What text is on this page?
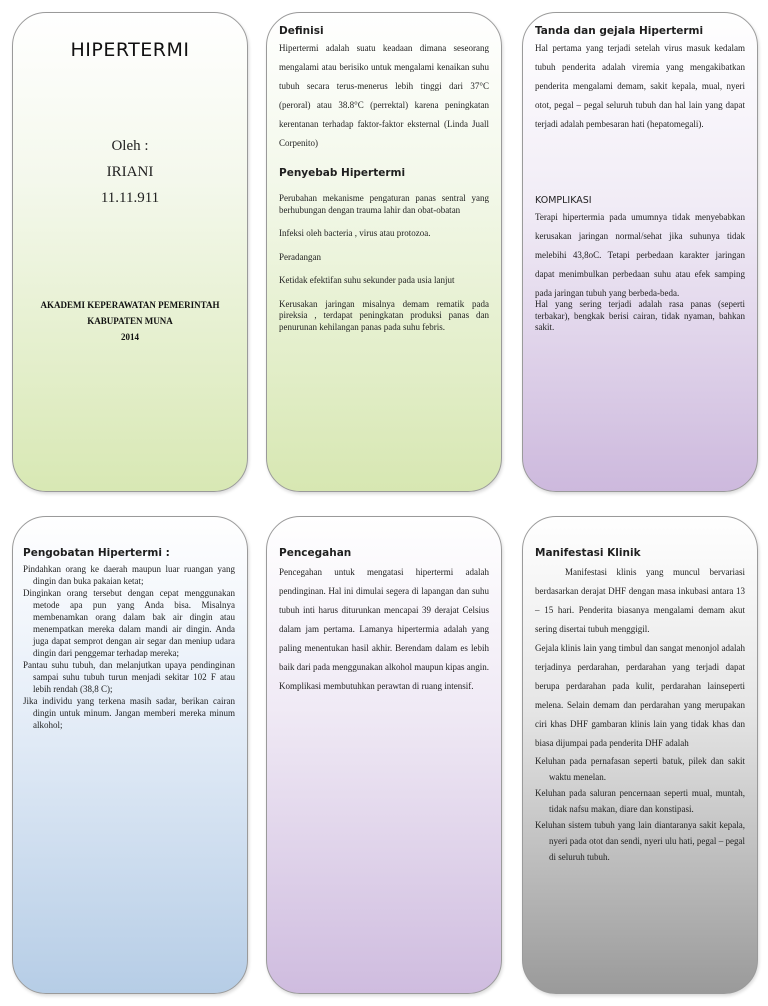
HIPERTERMI
Oleh :
IRIANI
11.11.911
AKADEMI KEPERAWATAN PEMERINTAH
KABUPATEN MUNA
2014

Definisi

Hipertermi adalah suatu keadaan dimana seseorang mengalami atau berisiko untuk mengalami kenaikan suhu tubuh secara terus-menerus lebih tinggi dari 37°C (peroral) atau 38.8°C (perrektal) karena peningkatan kerentanan terhadap faktor-faktor eksternal (Linda Juall Corpenito)

Penyebab Hipertermi

Perubahan mekanisme pengaturan panas sentral yang berhubungan dengan trauma lahir dan obat-obatan

Infeksi oleh bacteria , virus atau protozoa.

Peradangan

Ketidak efektifan suhu sekunder pada usia lanjut

Kerusakan jaringan misalnya demam rematik pada pireksia , terdapat peningkatan produksi panas dan penurunan kehilangan panas pada suhu febris.

Tanda dan gejala Hipertermi

Hal pertama yang terjadi setelah virus masuk kedalam tubuh penderita adalah viremia yang mengakibatkan penderita mengalami demam, sakit kepala, mual, nyeri otot, pegal – pegal seluruh tubuh dan hal lain yang dapat terjadi adalah pembesaran hati (hepatomegali).

KOMPLIKASI

Terapi hipertermia pada umumnya tidak menyebabkan kerusakan jaringan normal/sehat jika suhunya tidak melebihi 43,8oC. Tetapi perbedaan karakter jaringan dapat menimbulkan perbedaan suhu atau efek samping pada jaringan tubuh yang berbeda-beda.

Hal yang sering terjadi adalah rasa panas (seperti terbakar), bengkak berisi cairan, tidak nyaman, bahkan sakit.

Pengobatan Hipertermi :

Pindahkan orang ke daerah maupun luar ruangan yang dingin dan buka pakaian ketat;

Dinginkan orang tersebut dengan cepat menggunakan metode apa pun yang Anda bisa. Misalnya membenamkan orang dalam bak air dingin atau menempatkan mereka dalam mandi air dingin. Anda juga dapat semprot dengan air segar dan meniup udara dingin dari penggemar terhadap mereka;

Pantau suhu tubuh, dan melanjutkan upaya pendinginan sampai suhu tubuh turun menjadi sekitar 102 F atau lebih rendah (38,8 C);

Jika individu yang terkena masih sadar, berikan cairan dingin untuk minum. Jangan memberi mereka minum alkohol;

Pencegahan

Pencegahan untuk mengatasi hipertermi adalah pendinginan. Hal ini dimulai segera di lapangan dan suhu tubuh inti harus diturunkan mencapai 39 derajat Celsius dalam jam pertama. Lamanya hipertermia adalah yang paling menentukan hasil akhir. Berendam dalam es lebih baik dari pada menggunakan alkohol maupun kipas angin. Komplikasi membutuhkan perawtan di ruang intensif.

Manifestasi Klinik

Manifestasi klinis yang muncul bervariasi berdasarkan derajat DHF dengan masa inkubasi antara 13 – 15 hari. Penderita biasanya mengalami demam akut sering disertai tubuh menggigil.

Gejala klinis lain yang timbul dan sangat menonjol adalah terjadinya perdarahan, perdarahan yang terjadi dapat berupa perdarahan pada kulit, perdarahan lainseperti melena. Selain demam dan perdarahan yang merupakan ciri khas DHF gambaran klinis lain yang tidak khas dan biasa dijumpai pada penderita DHF adalah

Keluhan pada pernafasan seperti batuk, pilek dan sakit waktu menelan.

Keluhan pada saluran pencernaan seperti mual, muntah, tidak nafsu makan, diare dan konstipasi.

Keluhan sistem tubuh yang lain diantaranya sakit kepala, nyeri pada otot dan sendi, nyeri ulu hati, pegal – pegal di seluruh tubuh.
